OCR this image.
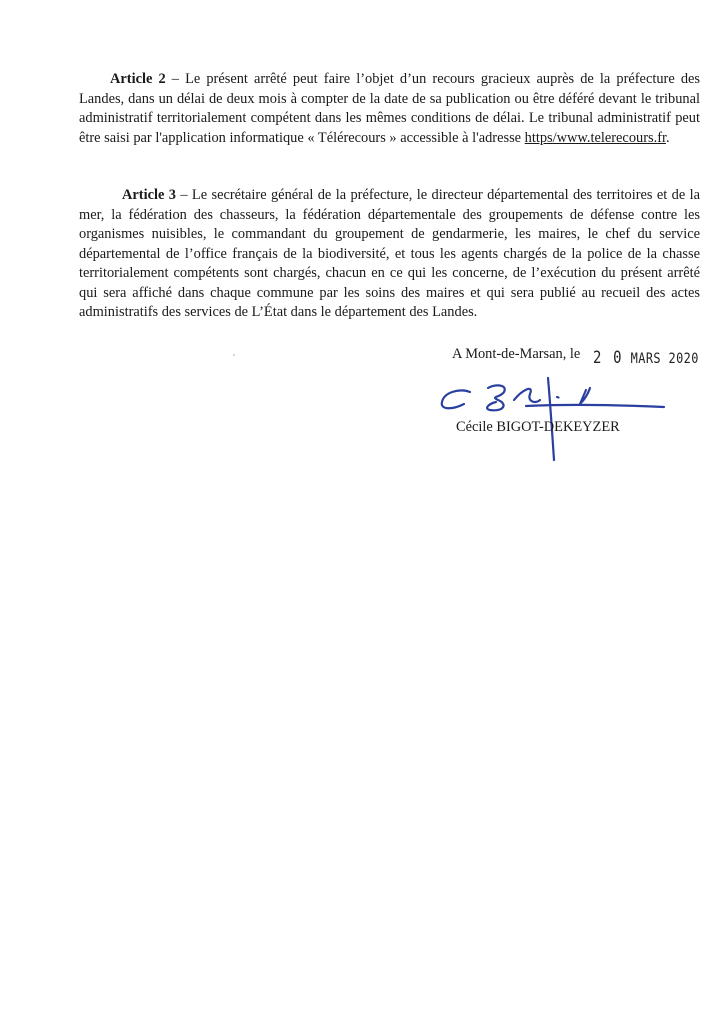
Article 2 – Le présent arrêté peut faire l’objet d’un recours gracieux auprès de la préfecture des Landes, dans un délai de deux mois à compter de la date de sa publication ou être déféré devant le tribunal administratif territorialement compétent dans les mêmes conditions de délai. Le tribunal administratif peut être saisi par l'application informatique « Télérecours » accessible à l'adresse https/www.telerecours.fr.

Article 3 – Le secrétaire général de la préfecture, le directeur départemental des territoires et de la mer, la fédération des chasseurs, la fédération départementale des groupements de défense contre les organismes nuisibles, le commandant du groupement de gendarmerie, les maires, le chef du service départemental de l’office français de la biodiversité, et tous les agents chargés de la police de la chasse territorialement compétents sont chargés, chacun en ce qui les concerne, de l’exécution du présent arrêté qui sera affiché dans chaque commune par les soins des maires et qui sera publié au recueil des actes administratifs des services de L’État dans le département des Landes.

A Mont-de-Marsan, le 2 0 MARS 2020
Cécile BIGOT-DEKEYZER
